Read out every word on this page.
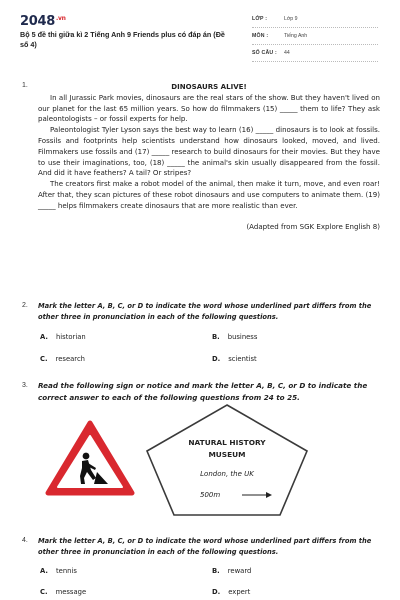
$2048^{.vn}$
Bộ 5 đề thi giữa kì 2 Tiếng Anh 9 Friends plus có đáp án (Đề số 4)
LỚP :	Lớp 9
MÔN :	Tiếng Anh
SỐ CÂU : 44
1.	DINOSAURS ALIVE!

In all Jurassic Park movies, dinosaurs are the real stars of the show. But they haven't lived on our planet for the last 65 million years. So how do filmmakers (15) _____ them to life? They ask paleontologists – or fossil experts for help.

Paleontologist Tyler Lyson says the best way to learn (16) _____ dinosaurs is to look at fossils. Fossils and footprints help scientists understand how dinosaurs looked, moved, and lived. Filmmakers use fossils and (17) _____ research to build dinosaurs for their movies. But they have to use their imaginations, too, (18) _____ the animal's skin usually disappeared from the fossil. And did it have feathers? A tail? Or stripes?

The creators first make a robot model of the animal, then make it turn, move, and even roar! After that, they scan pictures of these robot dinosaurs and use computers to animate them. (19) _____ helps filmmakers create dinosaurs that are more realistic than ever.

(Adapted from SGK Explore English 8)

2. Mark the letter A, B, C, or D to indicate the word whose underlined part differs from the other three in pronunciation in each of the following questions.
A. historian	B. business
C. research	D. scientist
3. Read the following sign or notice and mark the letter A, B, C, or D to indicate the correct answer to each of the following questions from 24 to 25.
NATURAL HISTORY
MUSEUM
London, the UK
500m
4. Mark the letter A, B, C, or D to indicate the word whose underlined part differs from the other three in pronunciation in each of the following questions.
A. tennis	B. reward
C. message	D. expert
